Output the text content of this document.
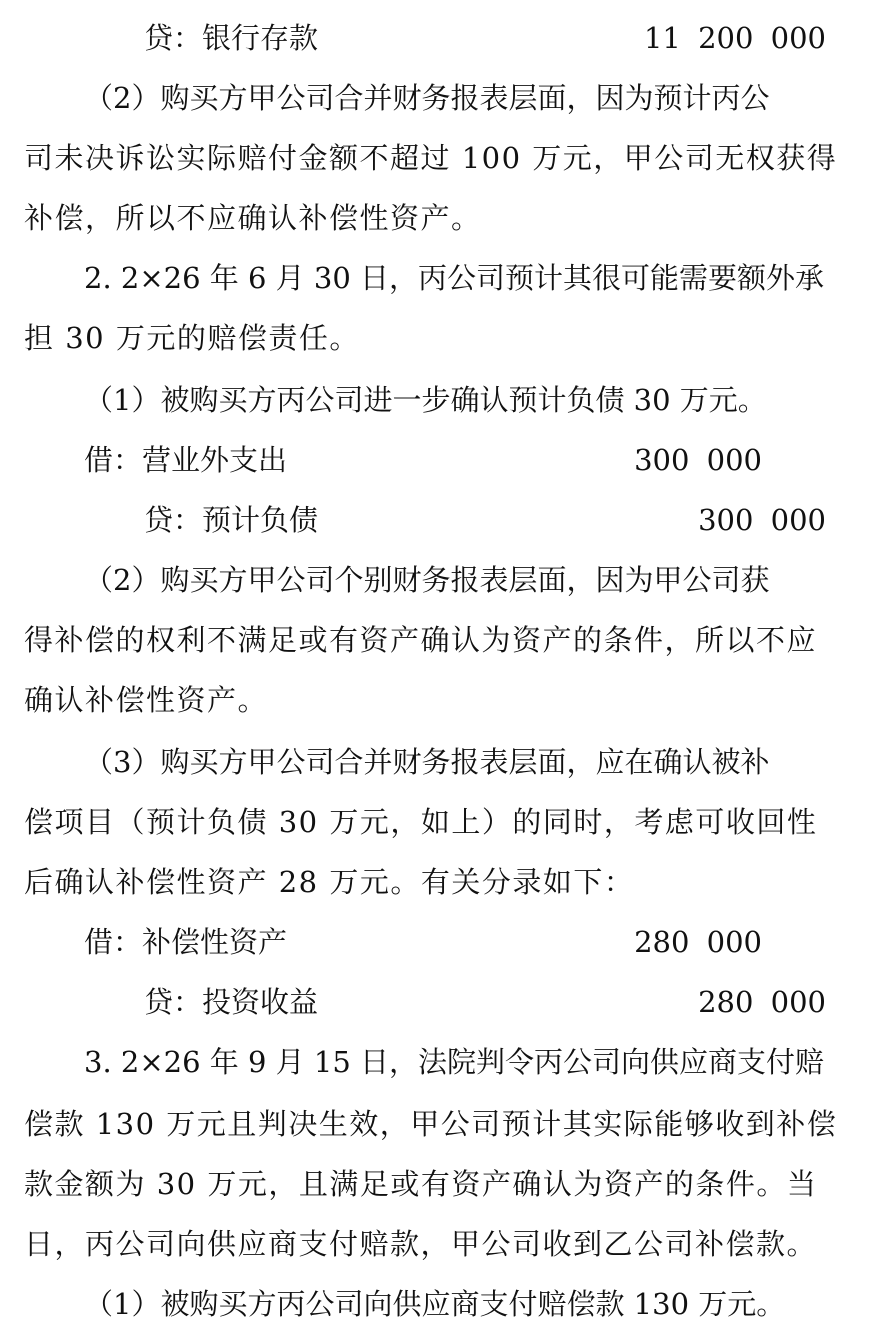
贷：银行存款	11 200 000
（2）购买方甲公司合并财务报表层面，因为预计丙公
司未决诉讼实际赔付金额不超过 100 万元，甲公司无权获得
补偿，所以不应确认补偿性资产。
2. 2×26 年 6 月 30 日，丙公司预计其很可能需要额外承
担 30 万元的赔偿责任。
（1）被购买方丙公司进一步确认预计负债 30 万元。
借：营业外支出	300 000
贷：预计负债	300 000
（2）购买方甲公司个别财务报表层面，因为甲公司获
得补偿的权利不满足或有资产确认为资产的条件，所以不应
确认补偿性资产。
（3）购买方甲公司合并财务报表层面，应在确认被补
偿项目（预计负债 30 万元，如上）的同时，考虑可收回性
后确认补偿性资产 28 万元。有关分录如下：
借：补偿性资产	280 000
贷：投资收益	280 000
3. 2×26 年 9 月 15 日，法院判令丙公司向供应商支付赔
偿款 130 万元且判决生效，甲公司预计其实际能够收到补偿
款金额为 30 万元，且满足或有资产确认为资产的条件。当
日，丙公司向供应商支付赔款，甲公司收到乙公司补偿款。
（1）被购买方丙公司向供应商支付赔偿款 130 万元。
